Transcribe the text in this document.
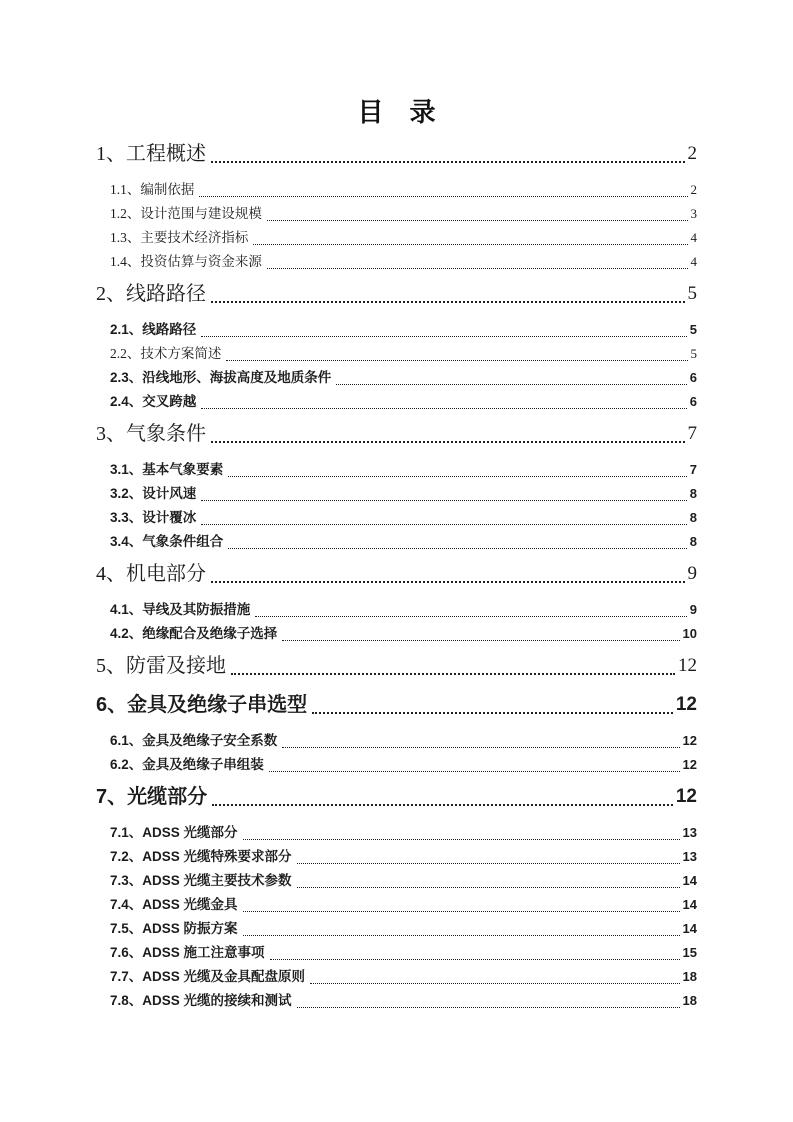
目　录
1、工程概述	2
1.1、编制依据	2
1.2、设计范围与建设规模	3
1.3、主要技术经济指标	4
1.4、投资估算与资金来源	4
2、线路路径	5
2.1、线路路径	5
2.2、技术方案简述	5
2.3、沿线地形、海拔高度及地质条件	6
2.4、交叉跨越	6
3、气象条件	7
3.1、基本气象要素	7
3.2、设计风速	8
3.3、设计覆冰	8
3.4、气象条件组合	8
4、机电部分	9
4.1、导线及其防振措施	9
4.2、绝缘配合及绝缘子选择	10
5、防雷及接地	12
6、金具及绝缘子串选型	12
6.1、金具及绝缘子安全系数	12
6.2、金具及绝缘子串组装	12
7、光缆部分	12
7.1、ADSS 光缆部分	13
7.2、ADSS 光缆特殊要求部分	13
7.3、ADSS 光缆主要技术参数	14
7.4、ADSS 光缆金具	14
7.5、ADSS 防振方案	14
7.6、ADSS 施工注意事项	15
7.7、ADSS 光缆及金具配盘原则	18
7.8、ADSS 光缆的接续和测试	18
